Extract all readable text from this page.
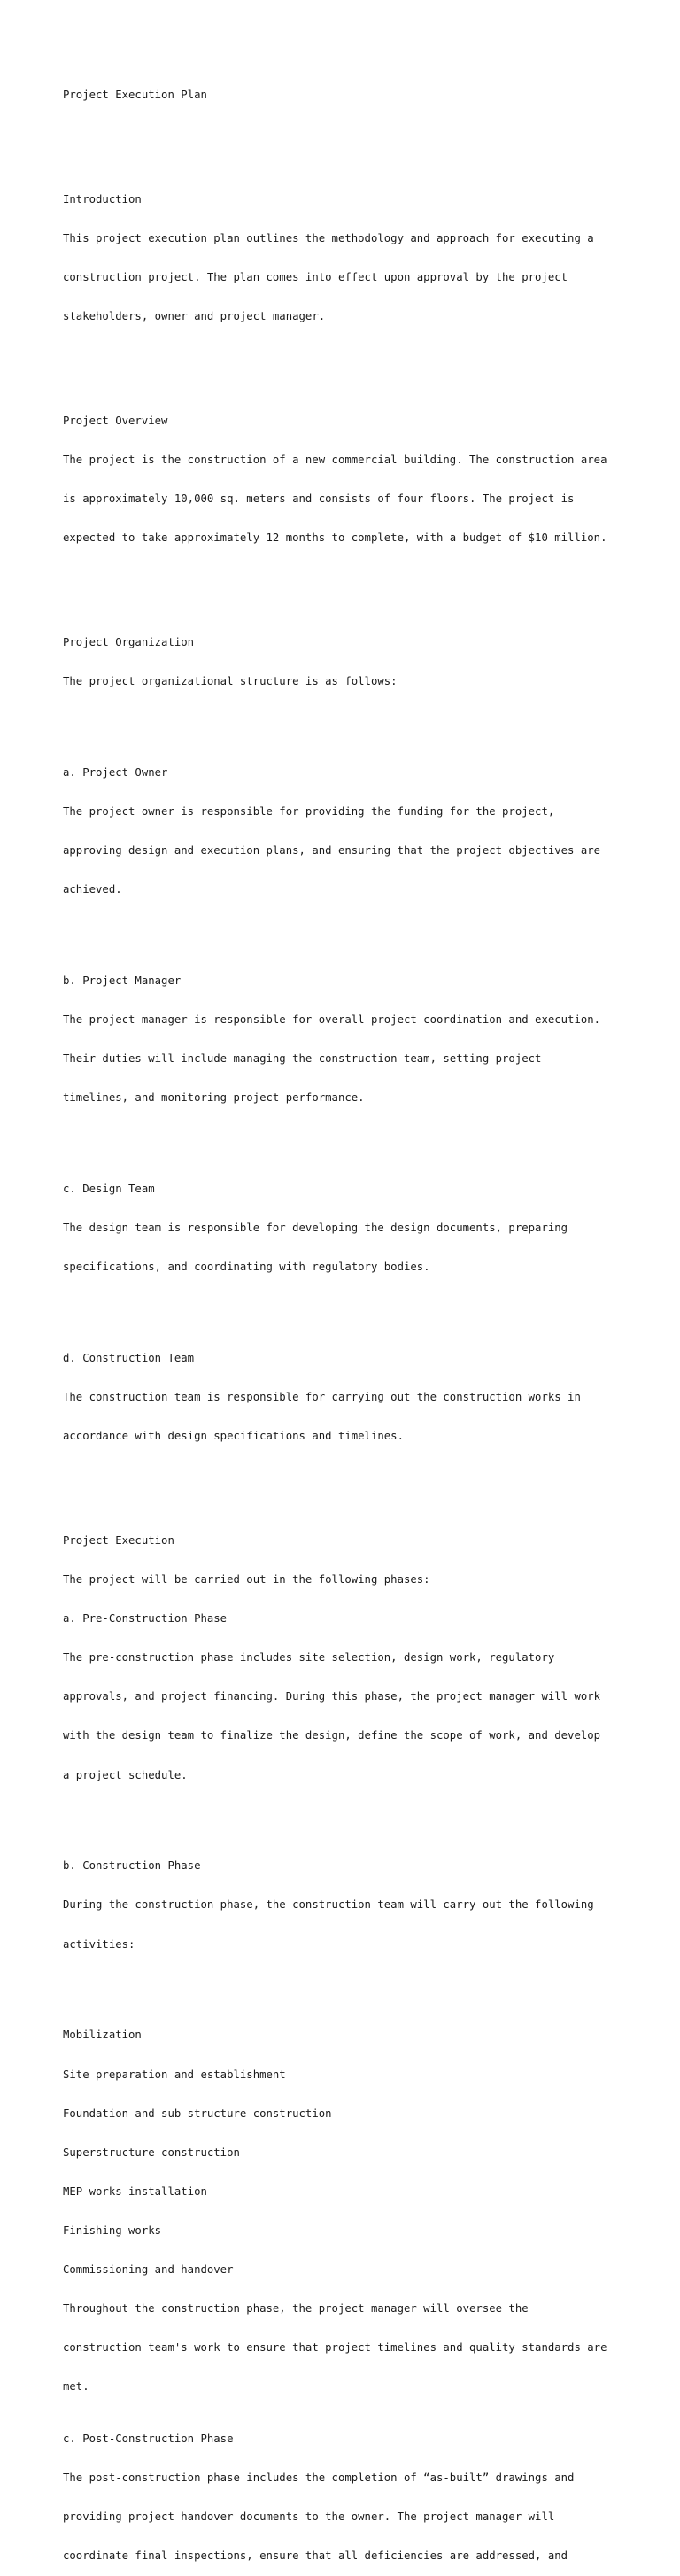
Project Execution Plan

Introduction

This project execution plan outlines the methodology and approach for executing a

construction project. The plan comes into effect upon approval by the project

stakeholders, owner and project manager.

Project Overview

The project is the construction of a new commercial building. The construction area

is approximately 10,000 sq. meters and consists of four floors. The project is

expected to take approximately 12 months to complete, with a budget of $10 million.

Project Organization

The project organizational structure is as follows:

a. Project Owner

The project owner is responsible for providing the funding for the project,

approving design and execution plans, and ensuring that the project objectives are

achieved.

b. Project Manager

The project manager is responsible for overall project coordination and execution.

Their duties will include managing the construction team, setting project

timelines, and monitoring project performance.

c. Design Team

The design team is responsible for developing the design documents, preparing

specifications, and coordinating with regulatory bodies.

d. Construction Team

The construction team is responsible for carrying out the construction works in

accordance with design specifications and timelines.

Project Execution

The project will be carried out in the following phases:

a. Pre-Construction Phase

The pre-construction phase includes site selection, design work, regulatory

approvals, and project financing. During this phase, the project manager will work

with the design team to finalize the design, define the scope of work, and develop

a project schedule.

b. Construction Phase

During the construction phase, the construction team will carry out the following

activities:

Mobilization

Site preparation and establishment

Foundation and sub-structure construction

Superstructure construction

MEP works installation

Finishing works

Commissioning and handover

Throughout the construction phase, the project manager will oversee the

construction team's work to ensure that project timelines and quality standards are

met.

c. Post-Construction Phase

The post-construction phase includes the completion of “as-built” drawings and

providing project handover documents to the owner. The project manager will

coordinate final inspections, ensure that all deficiencies are addressed, and
